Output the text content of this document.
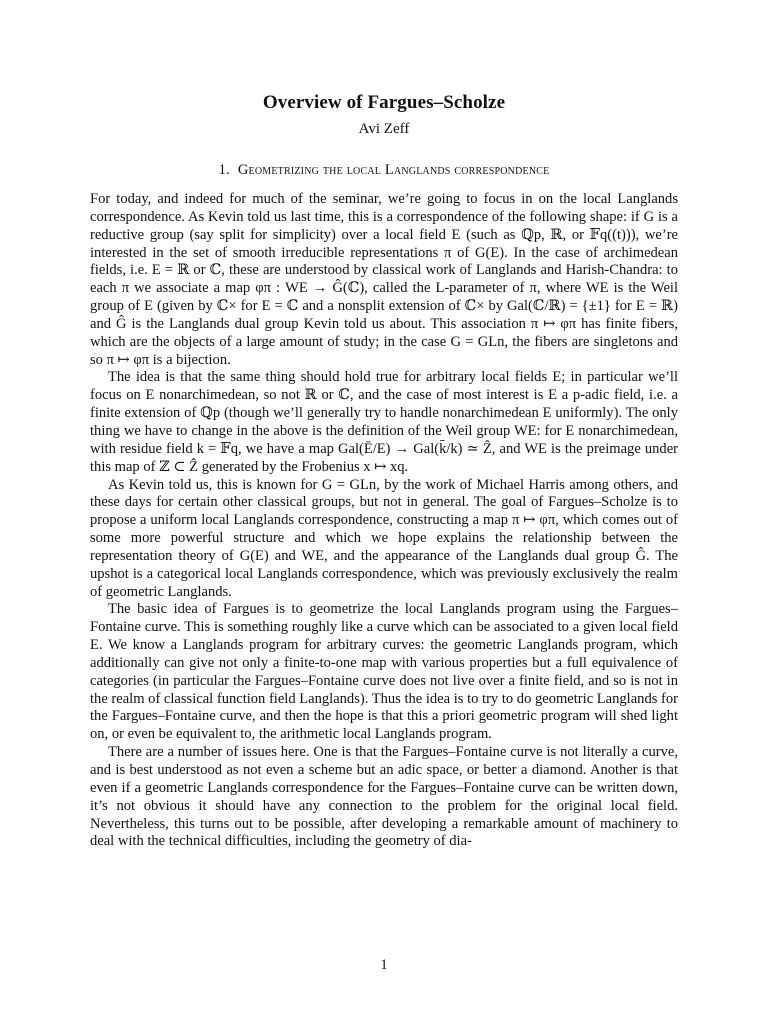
Overview of Fargues–Scholze
Avi Zeff
1. Geometrizing the local Langlands correspondence

For today, and indeed for much of the seminar, we’re going to focus in on the local Langlands correspondence. As Kevin told us last time, this is a correspondence of the following shape: if G is a reductive group (say split for simplicity) over a local field E (such as ℚp, ℝ, or 𝔽q((t))), we’re interested in the set of smooth irreducible representations π of G(E). In the case of archimedean fields, i.e. E = ℝ or ℂ, these are understood by classical work of Langlands and Harish-Chandra: to each π we associate a map φπ : WE → Ĝ(ℂ), called the L-parameter of π, where WE is the Weil group of E (given by ℂ× for E = ℂ and a nonsplit extension of ℂ× by Gal(ℂ/ℝ) = {±1} for E = ℝ) and Ĝ is the Langlands dual group Kevin told us about. This association π ↦ φπ has finite fibers, which are the objects of a large amount of study; in the case G = GLn, the fibers are singletons and so π ↦ φπ is a bijection.

The idea is that the same thing should hold true for arbitrary local fields E; in particular we’ll focus on E nonarchimedean, so not ℝ or ℂ, and the case of most interest is E a p-adic field, i.e. a finite extension of ℚp (though we’ll generally try to handle nonarchimedean E uniformly). The only thing we have to change in the above is the definition of the Weil group WE: for E nonarchimedean, with residue field k = 𝔽q, we have a map Gal(Ē/E) → Gal(k̄/k) ≃ Ẑ, and WE is the preimage under this map of ℤ ⊂ Ẑ generated by the Frobenius x ↦ xq.

As Kevin told us, this is known for G = GLn, by the work of Michael Harris among others, and these days for certain other classical groups, but not in general. The goal of Fargues–Scholze is to propose a uniform local Langlands correspondence, constructing a map π ↦ φπ, which comes out of some more powerful structure and which we hope explains the relationship between the representation theory of G(E) and WE, and the appearance of the Langlands dual group Ĝ. The upshot is a categorical local Langlands correspondence, which was previously exclusively the realm of geometric Langlands.

The basic idea of Fargues is to geometrize the local Langlands program using the Fargues–Fontaine curve. This is something roughly like a curve which can be associated to a given local field E. We know a Langlands program for arbitrary curves: the geometric Langlands program, which additionally can give not only a finite-to-one map with various properties but a full equivalence of categories (in particular the Fargues–Fontaine curve does not live over a finite field, and so is not in the realm of classical function field Langlands). Thus the idea is to try to do geometric Langlands for the Fargues–Fontaine curve, and then the hope is that this a priori geometric program will shed light on, or even be equivalent to, the arithmetic local Langlands program.

There are a number of issues here. One is that the Fargues–Fontaine curve is not literally a curve, and is best understood as not even a scheme but an adic space, or better a diamond. Another is that even if a geometric Langlands correspondence for the Fargues–Fontaine curve can be written down, it’s not obvious it should have any connection to the problem for the original local field. Nevertheless, this turns out to be possible, after developing a remarkable amount of machinery to deal with the technical difficulties, including the geometry of dia-

1
